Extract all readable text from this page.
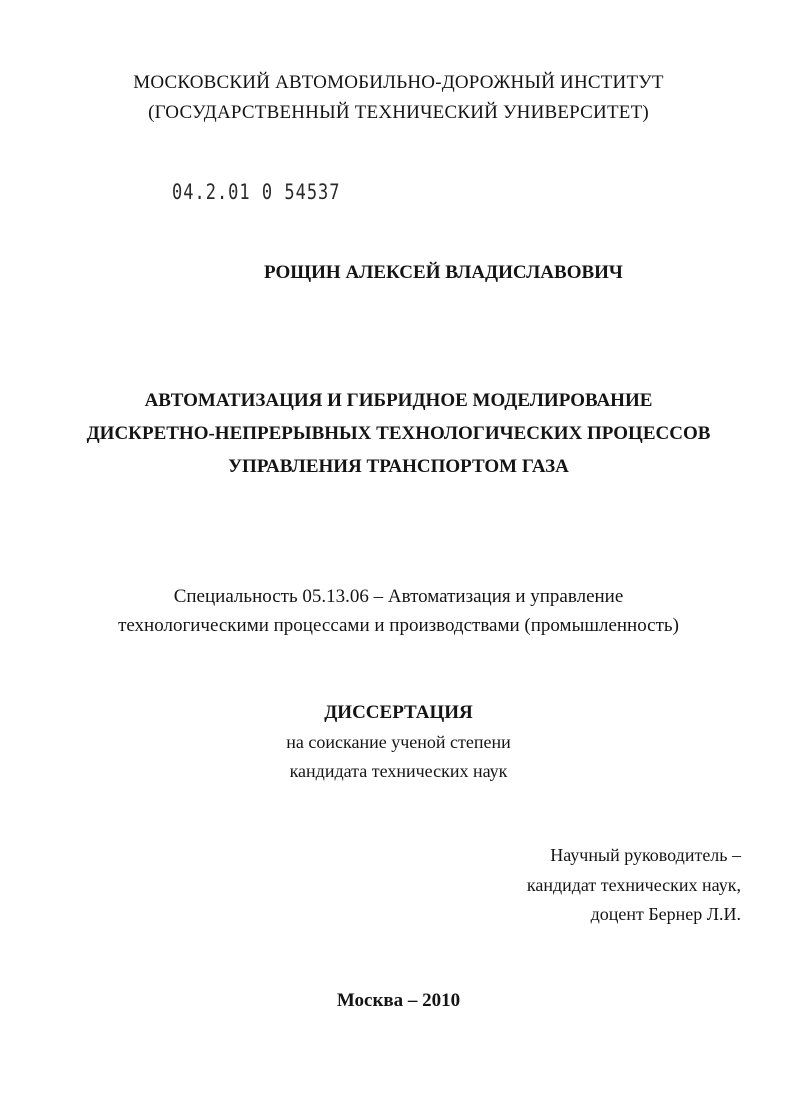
МОСКОВСКИЙ АВТОМОБИЛЬНО-ДОРОЖНЫЙ ИНСТИТУТ
(ГОСУДАРСТВЕННЫЙ ТЕХНИЧЕСКИЙ УНИВЕРСИТЕТ)
04.2.01 0 54537
РОЩИН АЛЕКСЕЙ ВЛАДИСЛАВОВИЧ
АВТОМАТИЗАЦИЯ И ГИБРИДНОЕ МОДЕЛИРОВАНИЕ
ДИСКРЕТНО-НЕПРЕРЫВНЫХ ТЕХНОЛОГИЧЕСКИХ ПРОЦЕССОВ
УПРАВЛЕНИЯ ТРАНСПОРТОМ ГАЗА
Специальность 05.13.06 – Автоматизация и управление
технологическими процессами и производствами (промышленность)
ДИССЕРТАЦИЯ
на соискание ученой степени
кандидата технических наук
Научный руководитель –
кандидат технических наук,
доцент Бернер Л.И.
Москва – 2010
